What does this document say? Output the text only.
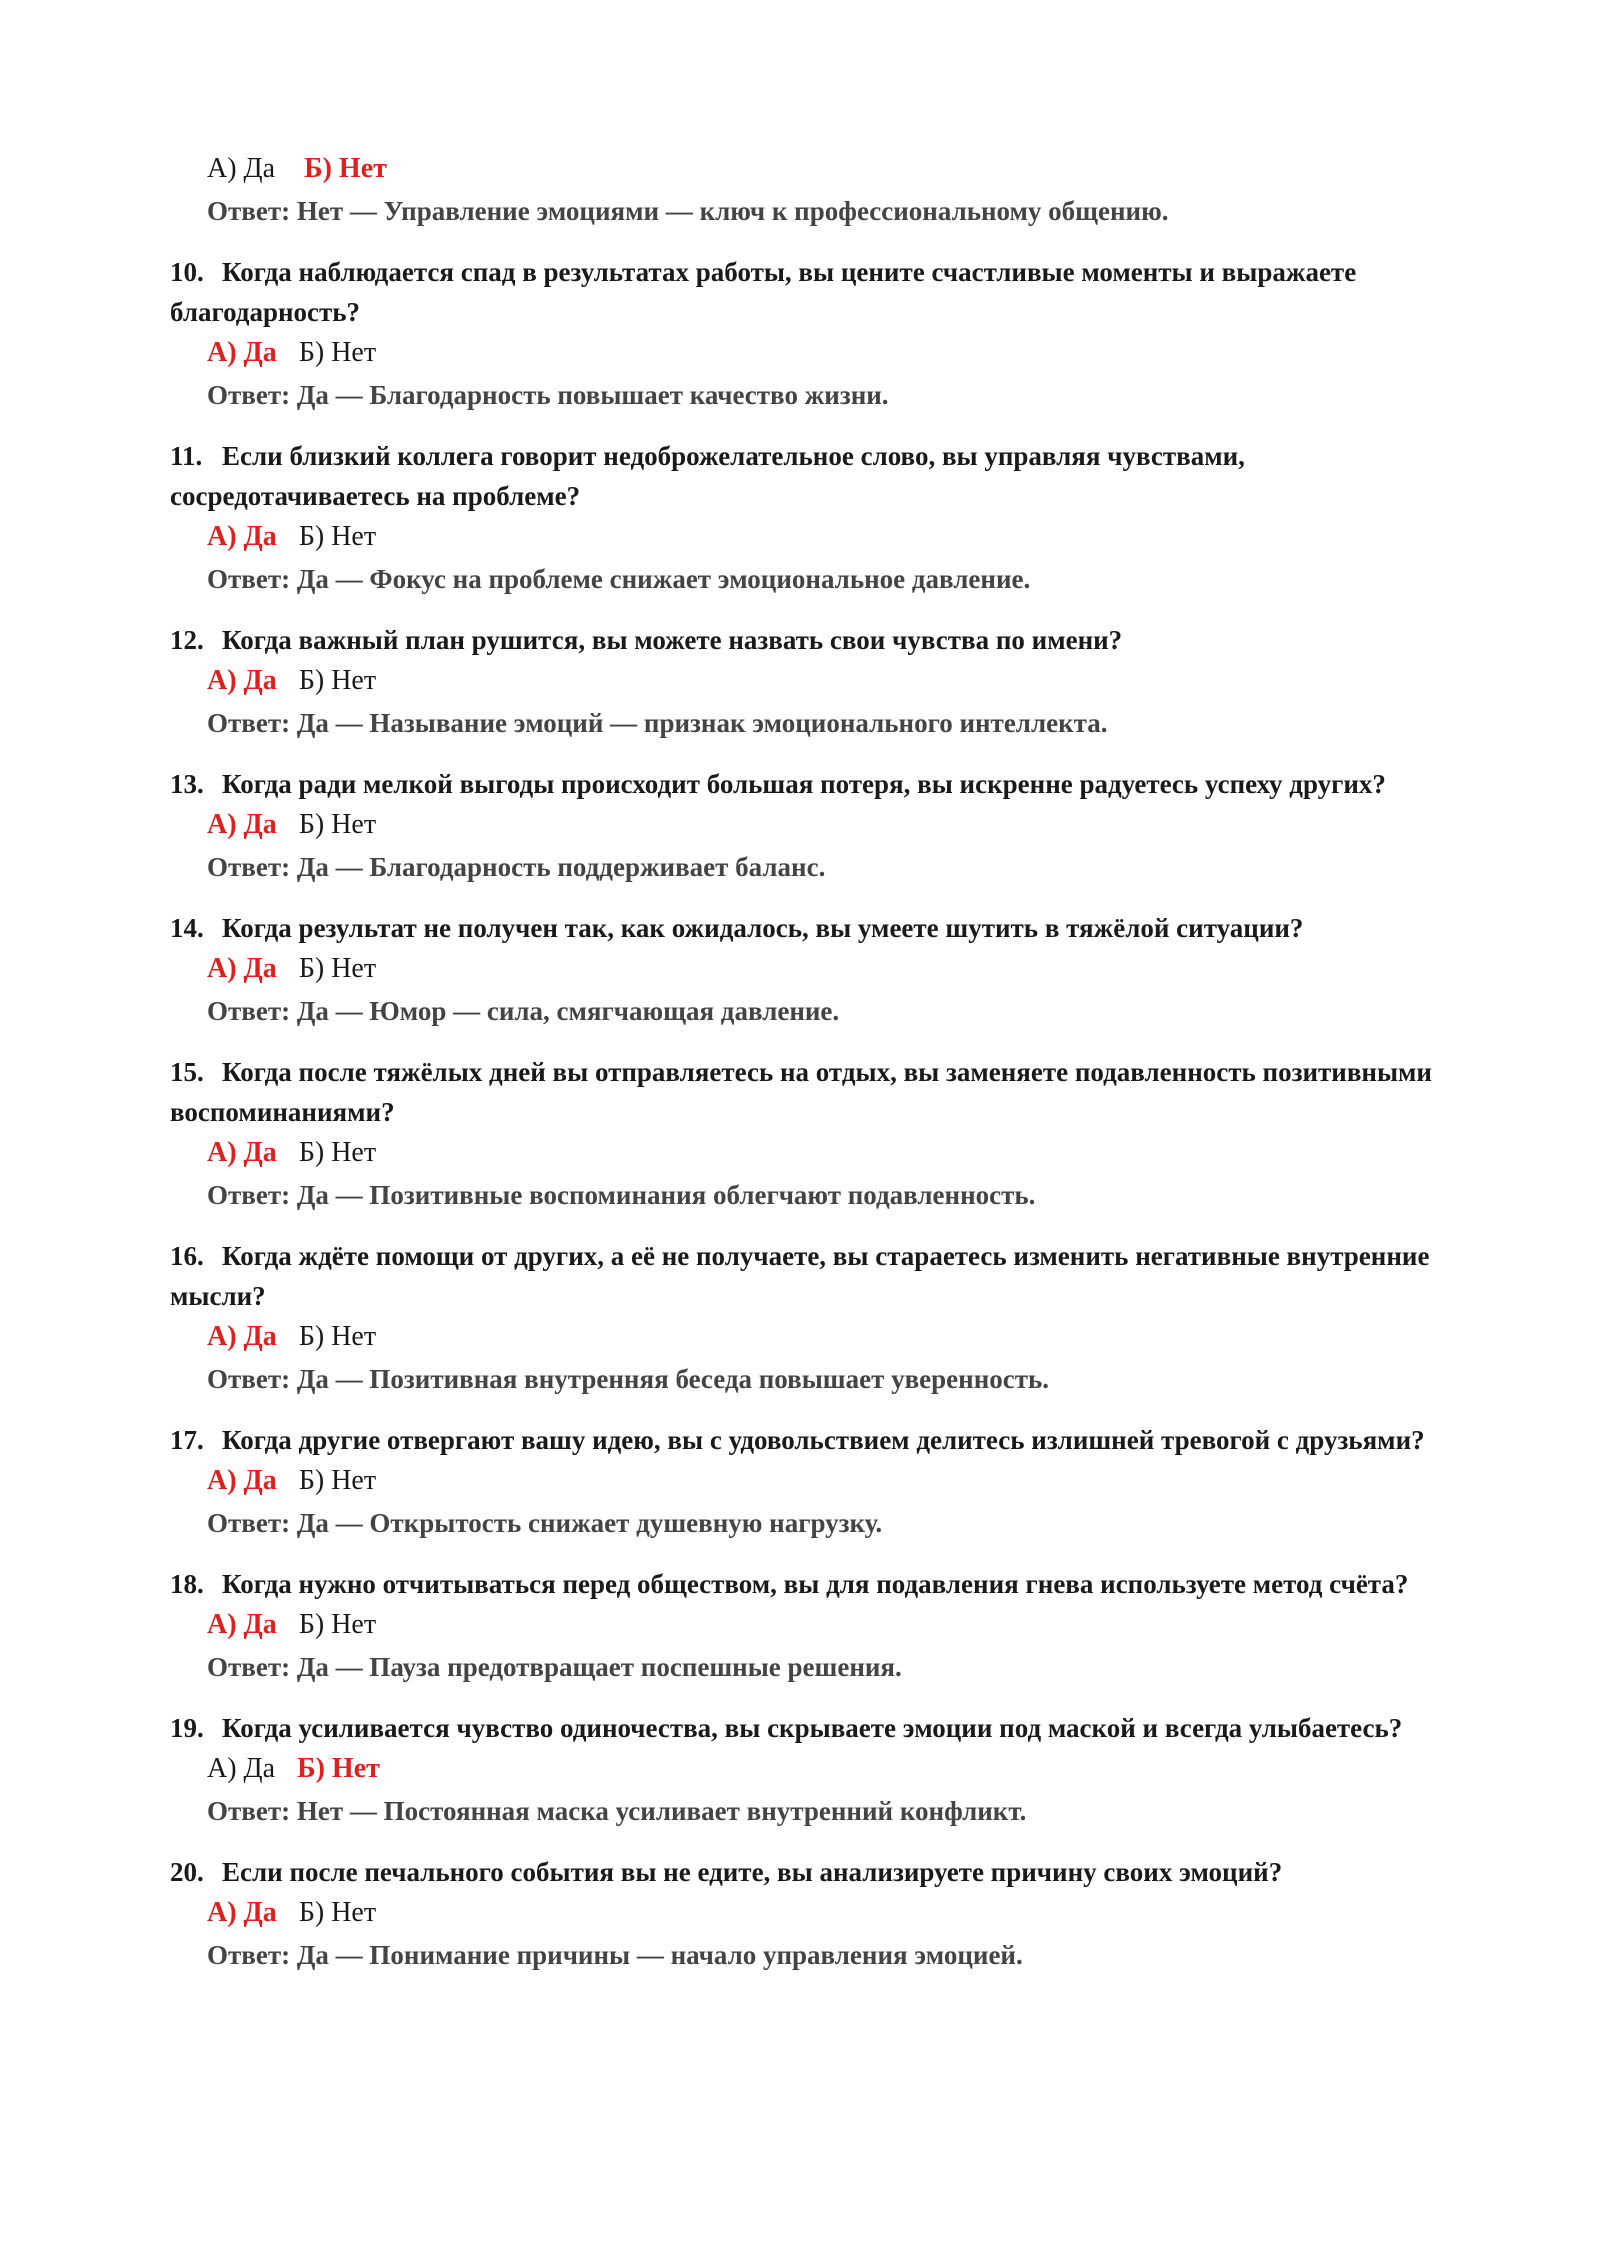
А) Да Б) Нет
Ответ: Нет — Управление эмоциями — ключ к профессиональному общению.
10. Когда наблюдается спад в результатах работы, вы цените счастливые моменты и выражаете благодарность?
А) Да Б) Нет
Ответ: Да — Благодарность повышает качество жизни.
11. Если близкий коллега говорит недоброжелательное слово, вы управляя чувствами, сосредотачиваетесь на проблеме?
А) Да Б) Нет
Ответ: Да — Фокус на проблеме снижает эмоциональное давление.
12. Когда важный план рушится, вы можете назвать свои чувства по имени?
А) Да Б) Нет
Ответ: Да — Называние эмоций — признак эмоционального интеллекта.
13. Когда ради мелкой выгоды происходит большая потеря, вы искренне радуетесь успеху других?
А) Да Б) Нет
Ответ: Да — Благодарность поддерживает баланс.
14. Когда результат не получен так, как ожидалось, вы умеете шутить в тяжёлой ситуации?
А) Да Б) Нет
Ответ: Да — Юмор — сила, смягчающая давление.
15. Когда после тяжёлых дней вы отправляетесь на отдых, вы заменяете подавленность позитивными воспоминаниями?
А) Да Б) Нет
Ответ: Да — Позитивные воспоминания облегчают подавленность.
16. Когда ждёте помощи от других, а её не получаете, вы стараетесь изменить негативные внутренние мысли?
А) Да Б) Нет
Ответ: Да — Позитивная внутренняя беседа повышает уверенность.
17. Когда другие отвергают вашу идею, вы с удовольствием делитесь излишней тревогой с друзьями?
А) Да Б) Нет
Ответ: Да — Открытость снижает душевную нагрузку.
18. Когда нужно отчитываться перед обществом, вы для подавления гнева используете метод счёта?
А) Да Б) Нет
Ответ: Да — Пауза предотвращает поспешные решения.
19. Когда усиливается чувство одиночества, вы скрываете эмоции под маской и всегда улыбаетесь?
А) Да Б) Нет
Ответ: Нет — Постоянная маска усиливает внутренний конфликт.
20. Если после печального события вы не едите, вы анализируете причину своих эмоций?
А) Да Б) Нет
Ответ: Да — Понимание причины — начало управления эмоцией.
